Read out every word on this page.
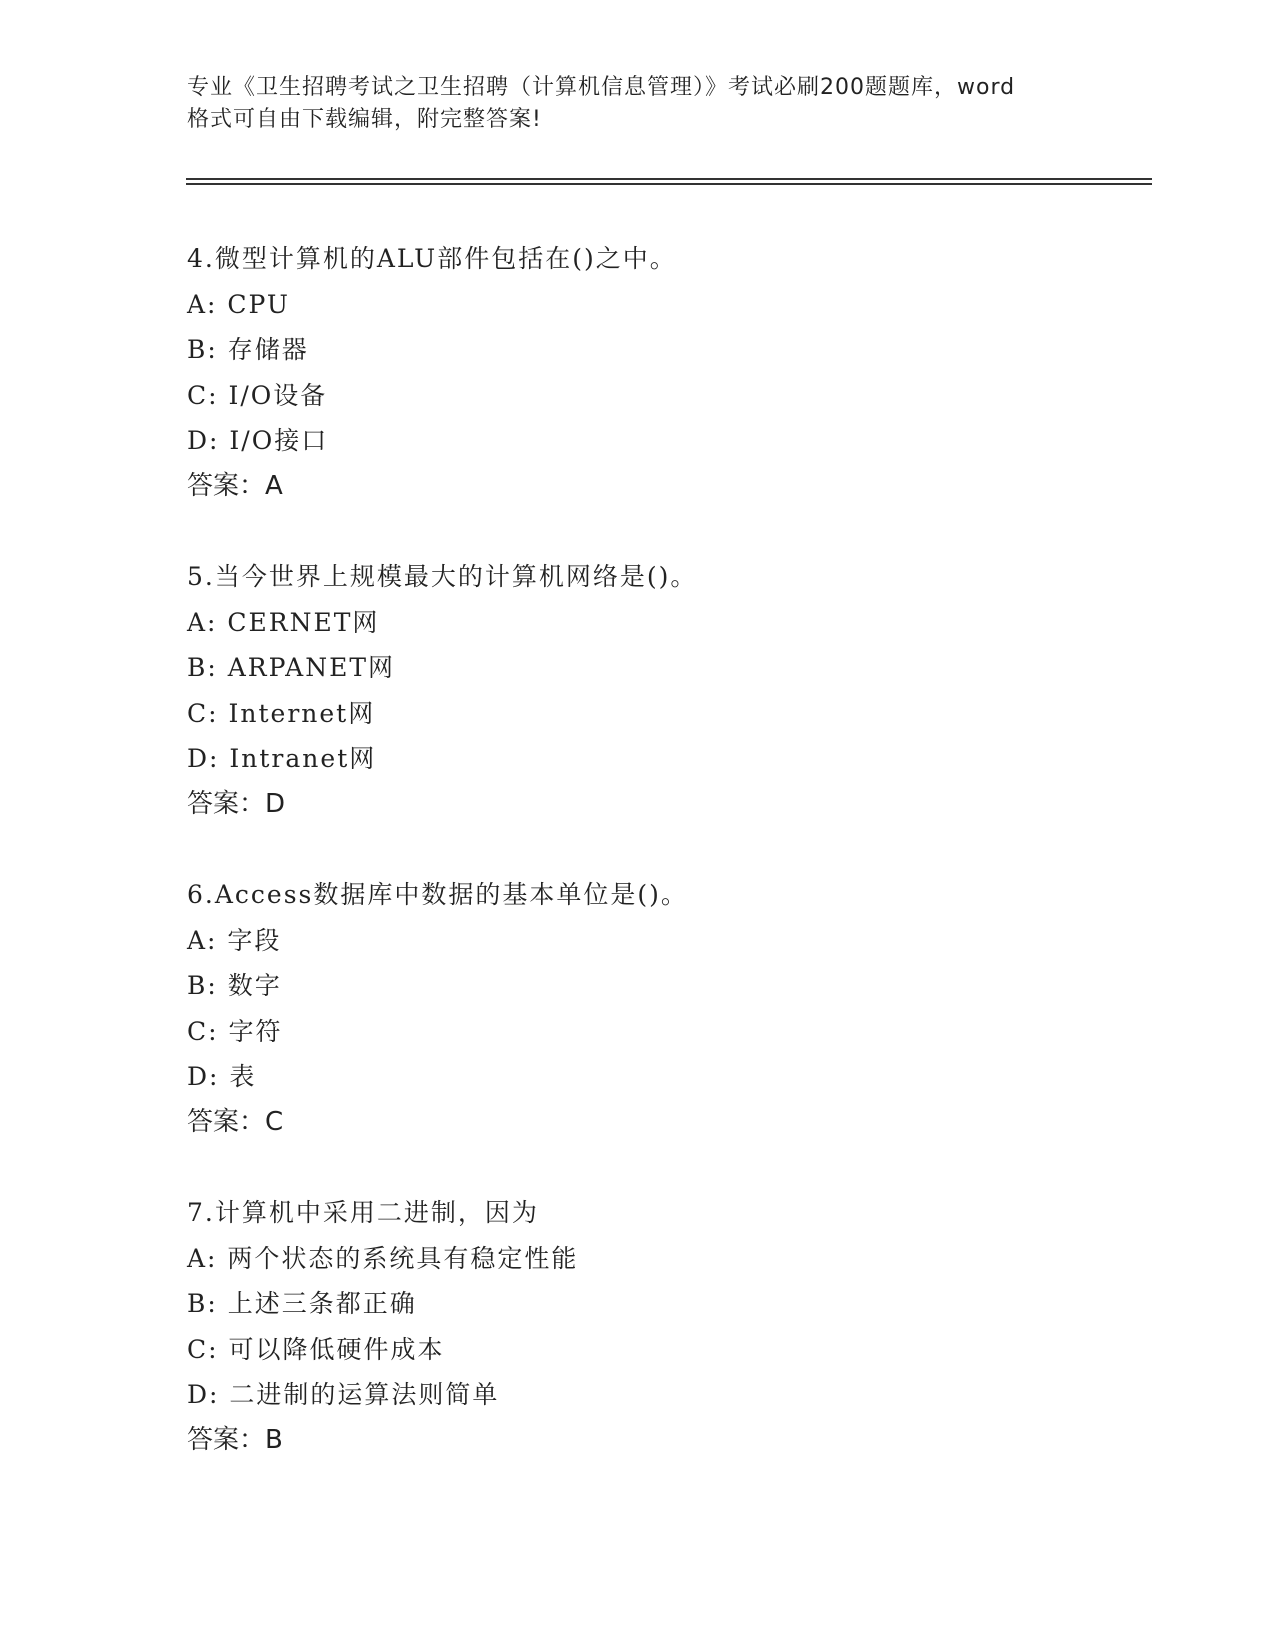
专业《卫生招聘考试之卫生招聘（计算机信息管理）》考试必刷200题题库，word
格式可自由下载编辑，附完整答案!
4.微型计算机的ALU部件包括在()之中。
A: CPU
B: 存储器
C: I/O设备
D: I/O接口
答案：A
5.当今世界上规模最大的计算机网络是()。
A: CERNET网
B: ARPANET网
C: Internet网
D: Intranet网
答案：D
6.Access数据库中数据的基本单位是()。
A: 字段
B: 数字
C: 字符
D: 表
答案：C
7.计算机中采用二进制，因为
A: 两个状态的系统具有稳定性能
B: 上述三条都正确
C: 可以降低硬件成本
D: 二进制的运算法则简单
答案：B
